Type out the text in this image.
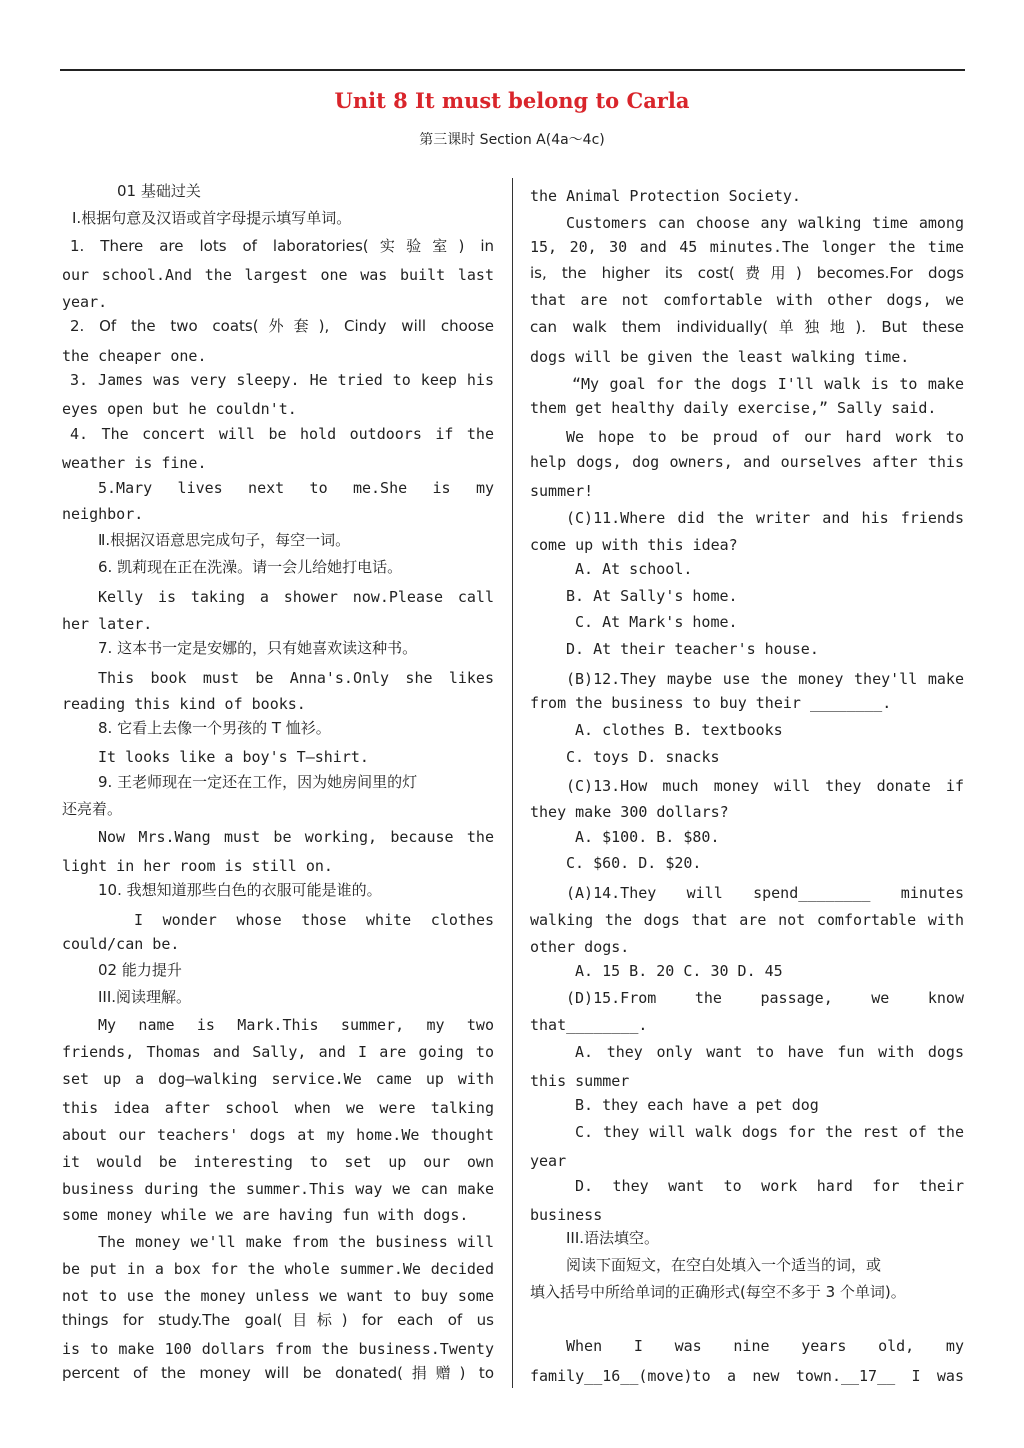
Unit 8 It must belong to Carla
第三课时 Section A(4a～4c)
01 基础过关
Ⅰ.根据句意及汉语或首字母提示填写单词。
1. There are lots of laboratories(实验室) in
our school.And the largest one was built last
year.
2. Of the two coats(外套), Cindy will choose
the cheaper one.
3. James was very sleepy. He tried to keep his
eyes open but he couldn't.
4. The concert will be hold outdoors if the
weather is fine.
5.Mary lives next to me.She is my
neighbor.
Ⅱ.根据汉语意思完成句子，每空一词。
6. 凯莉现在正在洗澡。请一会儿给她打电话。
Kelly is taking a shower now.Please call
her later.
7. 这本书一定是安娜的，只有她喜欢读这种书。
This book must be Anna's.Only she likes
reading this kind of books.
8. 它看上去像一个男孩的 T 恤衫。
It looks like a boy's T—shirt.
9. 王老师现在一定还在工作，因为她房间里的灯
还亮着。
Now Mrs.Wang must be working, because the
light in her room is still on.
10. 我想知道那些白色的衣服可能是谁的。
I wonder whose those white clothes
could/can be.
02 能力提升
III.阅读理解。
My name is Mark.This summer, my two
friends, Thomas and Sally, and I are going to
set up a dog—walking service.We came up with
this idea after school when we were talking
about our teachers' dogs at my home.We thought
it would be interesting to set up our own
business during the summer.This way we can make
some money while we are having fun with dogs.
The money we'll make from the business will
be put in a box for the whole summer.We decided
not to use the money unless we want to buy some
things for study.The goal(目标) for each of us
is to make 100 dollars from the business.Twenty
percent of the money will be donated(捐赠) to
the Animal Protection Society.
Customers can choose any walking time among
15, 20, 30 and 45 minutes.The longer the time
is, the higher its cost(费用) becomes.For dogs
that are not comfortable with other dogs, we
can walk them individually(单独地). But these
dogs will be given the least walking time.
“My goal for the dogs I'll walk is to make
them get healthy daily exercise,” Sally said.
We hope to be proud of our hard work to
help dogs, dog owners, and ourselves after this
summer!
(C)11.Where did the writer and his friends
come up with this idea?
A. At school.
B. At Sally's home.
C. At Mark's home.
D. At their teacher's house.
(B)12.They maybe use the money they'll make
from the business to buy their ________.
A. clothes B. textbooks
C. toys D. snacks
(C)13.How much money will they donate if
they make 300 dollars?
A. $100. B. $80.
C. $60. D. $20.
(A)14.They will spend________ minutes
walking the dogs that are not comfortable with
other dogs.
A. 15 B. 20 C. 30 D. 45
(D)15.From the passage, we know
that________.
A. they only want to have fun with dogs
this summer
B. they each have a pet dog
C. they will walk dogs for the rest of the
year
D. they want to work hard for their
business
III.语法填空。
阅读下面短文，在空白处填入一个适当的词，或
填入括号中所给单词的正确形式(每空不多于 3 个单词)。
When I was nine years old, my
family__16__(move)to a new town.__17__ I was
